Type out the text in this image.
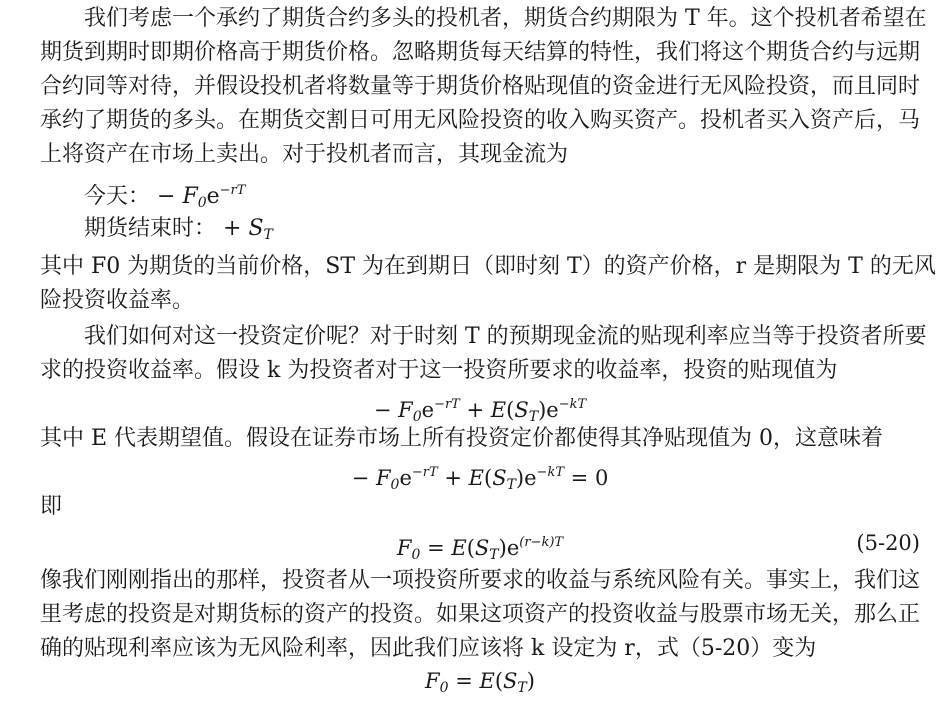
我们考虑一个承约了期货合约多头的投机者，期货合约期限为 T 年。这个投机者希望在
期货到期时即期价格高于期货价格。忽略期货每天结算的特性，我们将这个期货合约与远期
合约同等对待，并假设投机者将数量等于期货价格贴现值的资金进行无风险投资，而且同时
承约了期货的多头。在期货交割日可用无风险投资的收入购买资产。投机者买入资产后，马
上将资产在市场上卖出。对于投机者而言，其现金流为
今天： − $F_0e^{-rT}$
期货结束时： + $S_T$
其中 F0 为期货的当前价格，ST 为在到期日（即时刻 T）的资产价格，r 是期限为 T 的无风
险投资收益率。
我们如何对这一投资定价呢？对于时刻 T 的预期现金流的贴现利率应当等于投资者所要
求的投资收益率。假设 k 为投资者对于这一投资所要求的收益率，投资的贴现值为
− $F_0e^{-rT} + E(S_T)e^{-kT}$
其中 E 代表期望值。假设在证券市场上所有投资定价都使得其净贴现值为 0，这意味着
− $F_0e^{-rT} + E(S_T)e^{-kT} = 0$
即
$F_0 = E(S_T)e^{(r-k)T}$	(5-20)
像我们刚刚指出的那样，投资者从一项投资所要求的收益与系统风险有关。事实上，我们这
里考虑的投资是对期货标的资产的投资。如果这项资产的投资收益与股票市场无关，那么正
确的贴现利率应该为无风险利率，因此我们应该将 k 设定为 r，式（5-20）变为
$F_0 = E(S_T)$
